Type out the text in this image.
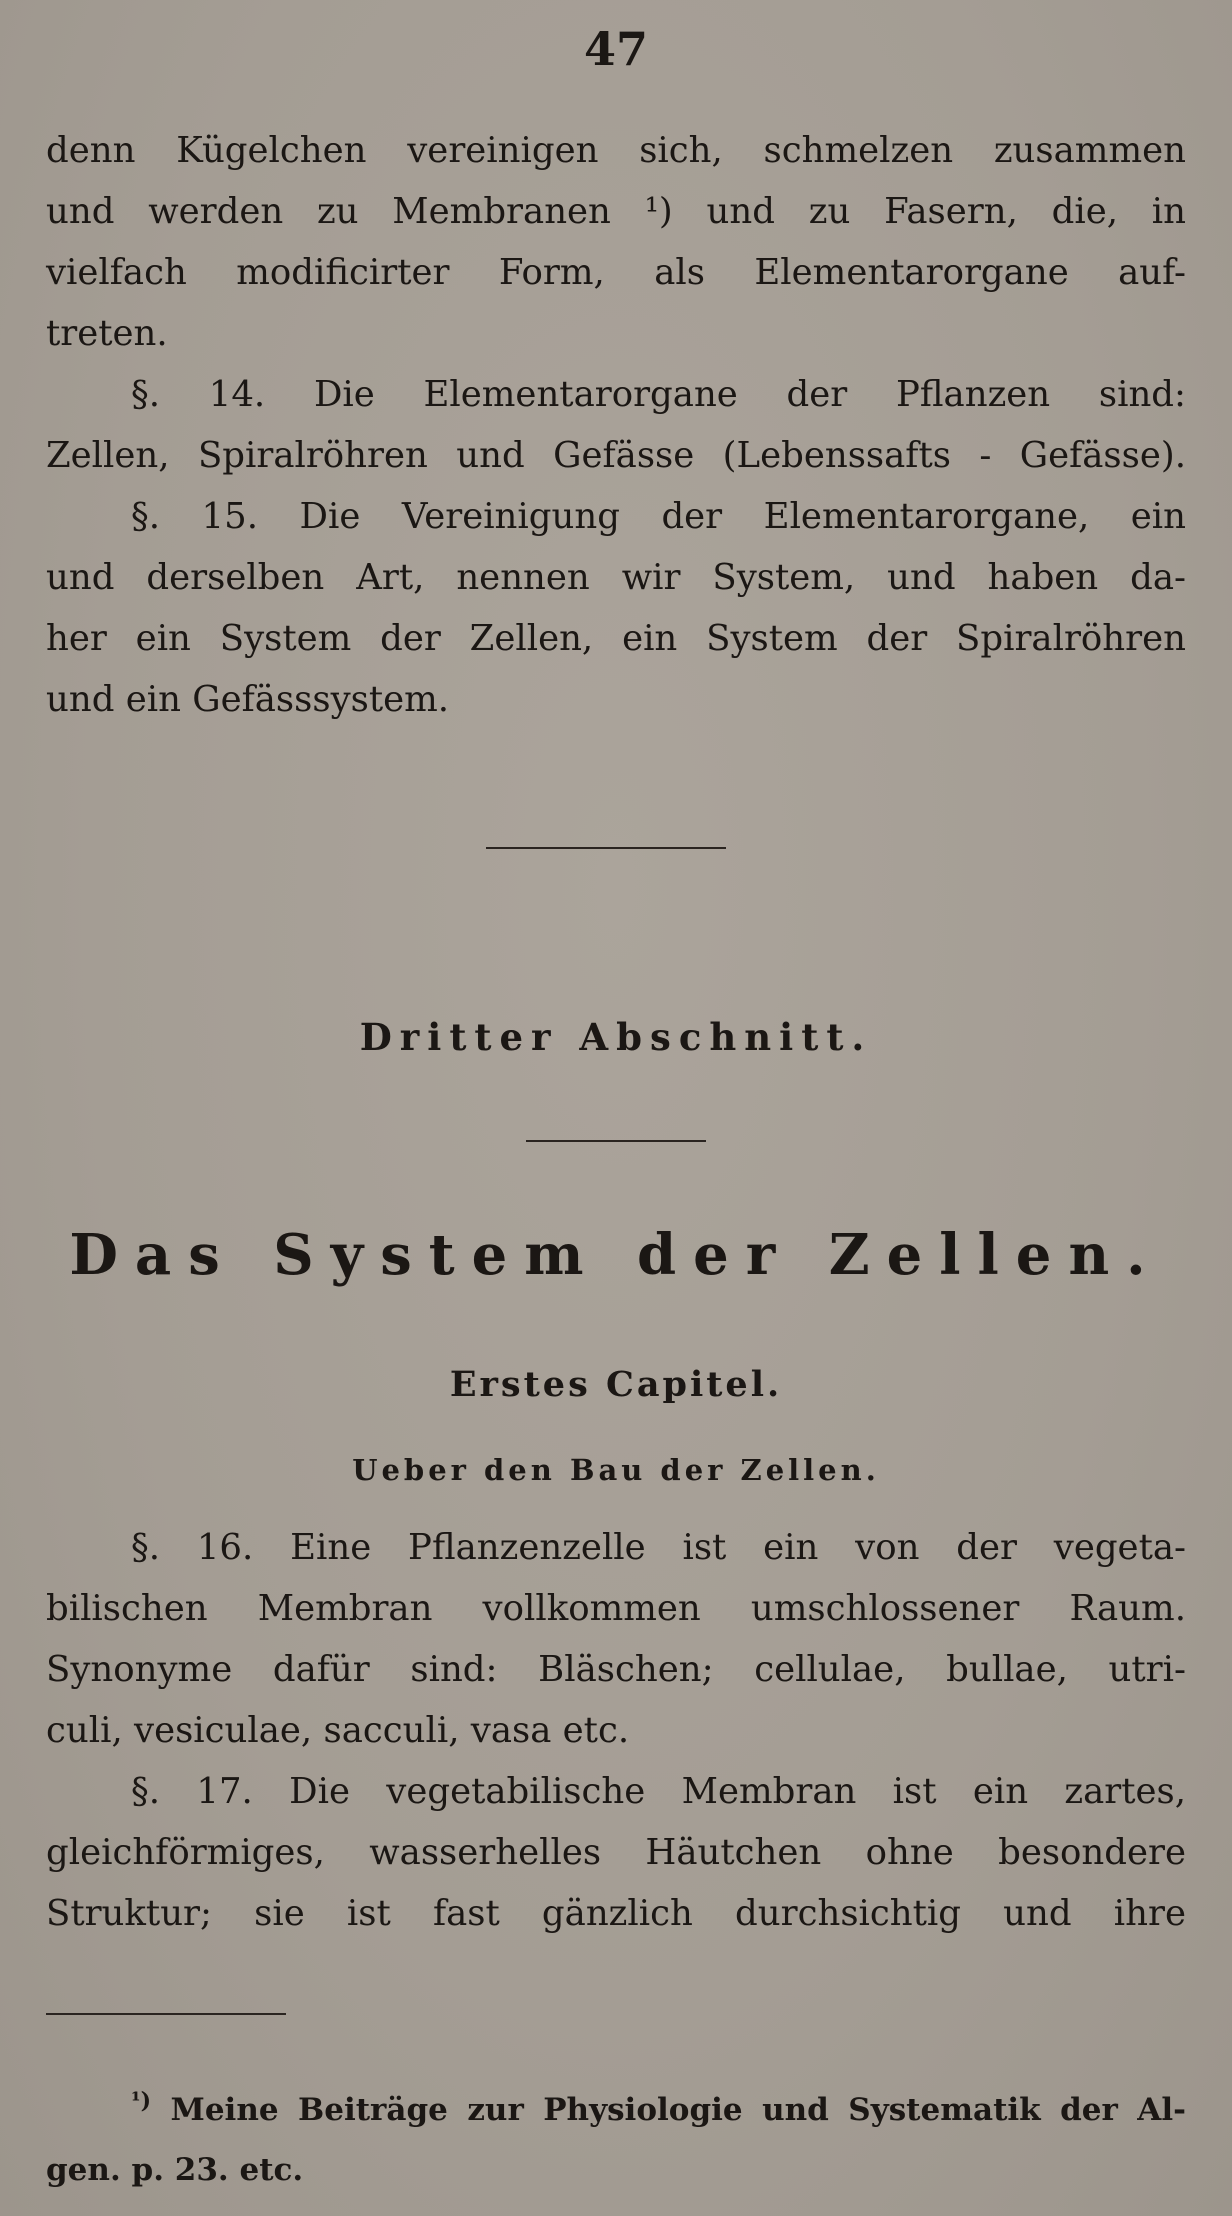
47
denn Kügelchen vereinigen sich, schmelzen zusammen
und werden zu Membranen ¹) und zu Fasern, die, in
vielfach modificirter Form, als Elementarorgane auf-
treten.
§. 14. Die Elementarorgane der Pflanzen sind:
Zellen, Spiralröhren und Gefässe (Lebenssafts - Gefässe).
§. 15. Die Vereinigung der Elementarorgane, ein
und derselben Art, nennen wir System, und haben da-
her ein System der Zellen, ein System der Spiralröhren
und ein Gefässsystem.
Dritter Abschnitt.
Das System der Zellen.
Erstes Capitel.
Ueber den Bau der Zellen.
§. 16. Eine Pflanzenzelle ist ein von der vegeta-
bilischen Membran vollkommen umschlossener Raum.
Synonyme dafür sind: Bläschen; cellulae, bullae, utri-
culi, vesiculae, sacculi, vasa etc.
§. 17. Die vegetabilische Membran ist ein zartes,
gleichförmiges, wasserhelles Häutchen ohne besondere
Struktur; sie ist fast gänzlich durchsichtig und ihre
$^{^1)}$ Meine Beiträge zur Physiologie und Systematik der Al-
gen. p. 23. etc.
